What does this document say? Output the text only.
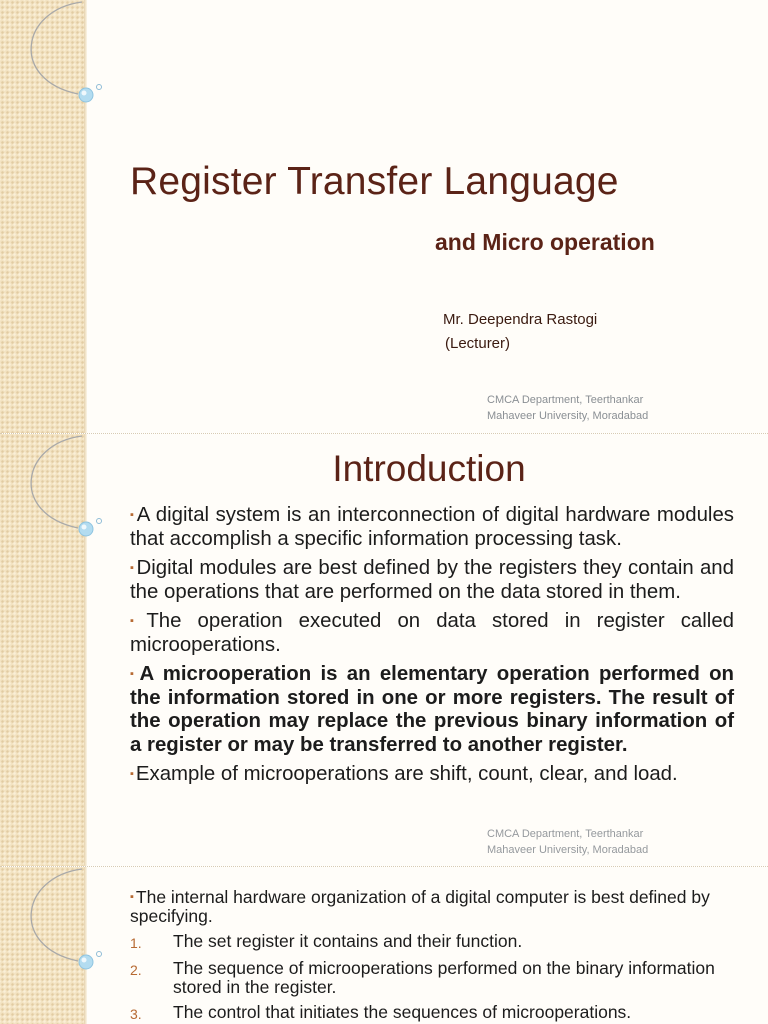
Register Transfer Language
and Micro operation
Mr. Deependra Rastogi
(Lecturer)
CMCA Department, Teerthankar
Mahaveer University, Moradabad
Introduction

▪A digital system is an interconnection of digital hardware modules that accomplish a specific information processing task.

▪Digital modules are best defined by the registers they contain and the operations that are performed on the data stored in them.

▪The operation executed on data stored in register called microoperations.

▪A microoperation is an elementary operation performed on the information stored in one or more registers. The result of the operation may replace the previous binary information of a register or may be transferred to another register.

▪Example of microoperations are shift, count, clear, and load.

CMCA Department, Teerthankar
Mahaveer University, Moradabad

▪ The internal hardware organization of a digital computer is best defined by specifying.

1.	The set register it contains and their function.
2.	The sequence of microoperations performed on the binary information stored in the register.
3.	The control that initiates the sequences of microoperations.
